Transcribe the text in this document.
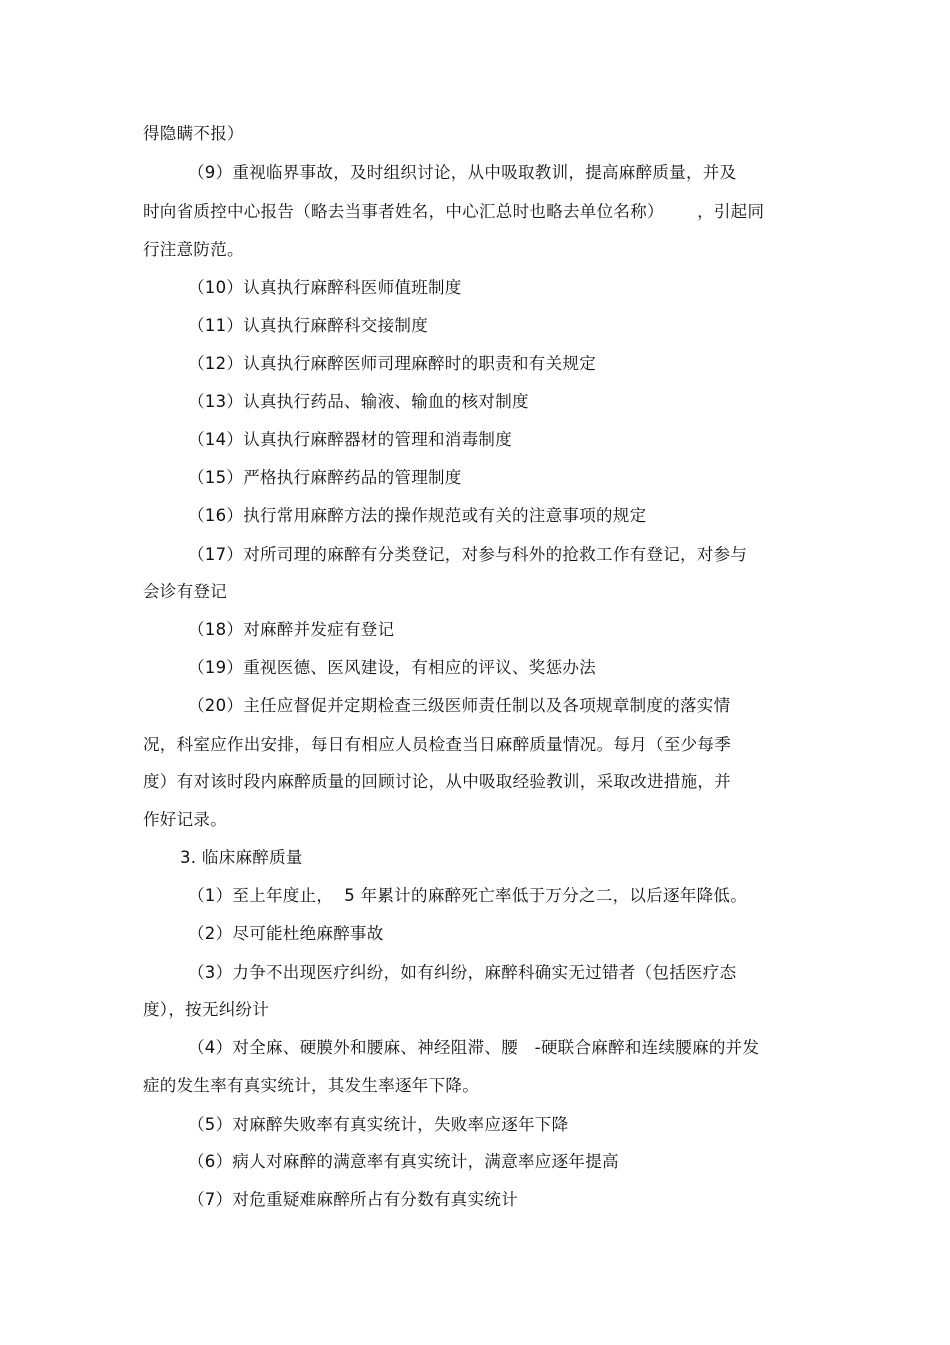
得隐瞒不报）
（9）重视临界事故，及时组织讨论，从中吸取教训，提高麻醉质量，并及
时向省质控中心报告（略去当事者姓名，中心汇总时也略去单位名称）      ，引起同
行注意防范。
（10）认真执行麻醉科医师值班制度
（11）认真执行麻醉科交接制度
（12）认真执行麻醉医师司理麻醉时的职责和有关规定
（13）认真执行药品、输液、输血的核对制度
（14）认真执行麻醉器材的管理和消毒制度
（15）严格执行麻醉药品的管理制度
（16）执行常用麻醉方法的操作规范或有关的注意事项的规定
（17）对所司理的麻醉有分类登记，对参与科外的抢救工作有登记，对参与
会诊有登记
（18）对麻醉并发症有登记
（19）重视医德、医风建设，有相应的评议、奖惩办法
（20）主任应督促并定期检查三级医师责任制以及各项规章制度的落实情
况，科室应作出安排，每日有相应人员检查当日麻醉质量情况。每月（至少每季
度）有对该时段内麻醉质量的回顾讨论，从中吸取经验教训，采取改进措施，并
作好记录。
3. 临床麻醉质量
（1）至上年度止，  5 年累计的麻醉死亡率低于万分之二，以后逐年降低。
（2）尽可能杜绝麻醉事故
（3）力争不出现医疗纠纷，如有纠纷，麻醉科确实无过错者（包括医疗态
度），按无纠纷计
（4）对全麻、硬膜外和腰麻、神经阻滞、腰   -硬联合麻醉和连续腰麻的并发
症的发生率有真实统计，其发生率逐年下降。
（5）对麻醉失败率有真实统计，失败率应逐年下降
（6）病人对麻醉的满意率有真实统计，满意率应逐年提高
（7）对危重疑难麻醉所占有分数有真实统计
